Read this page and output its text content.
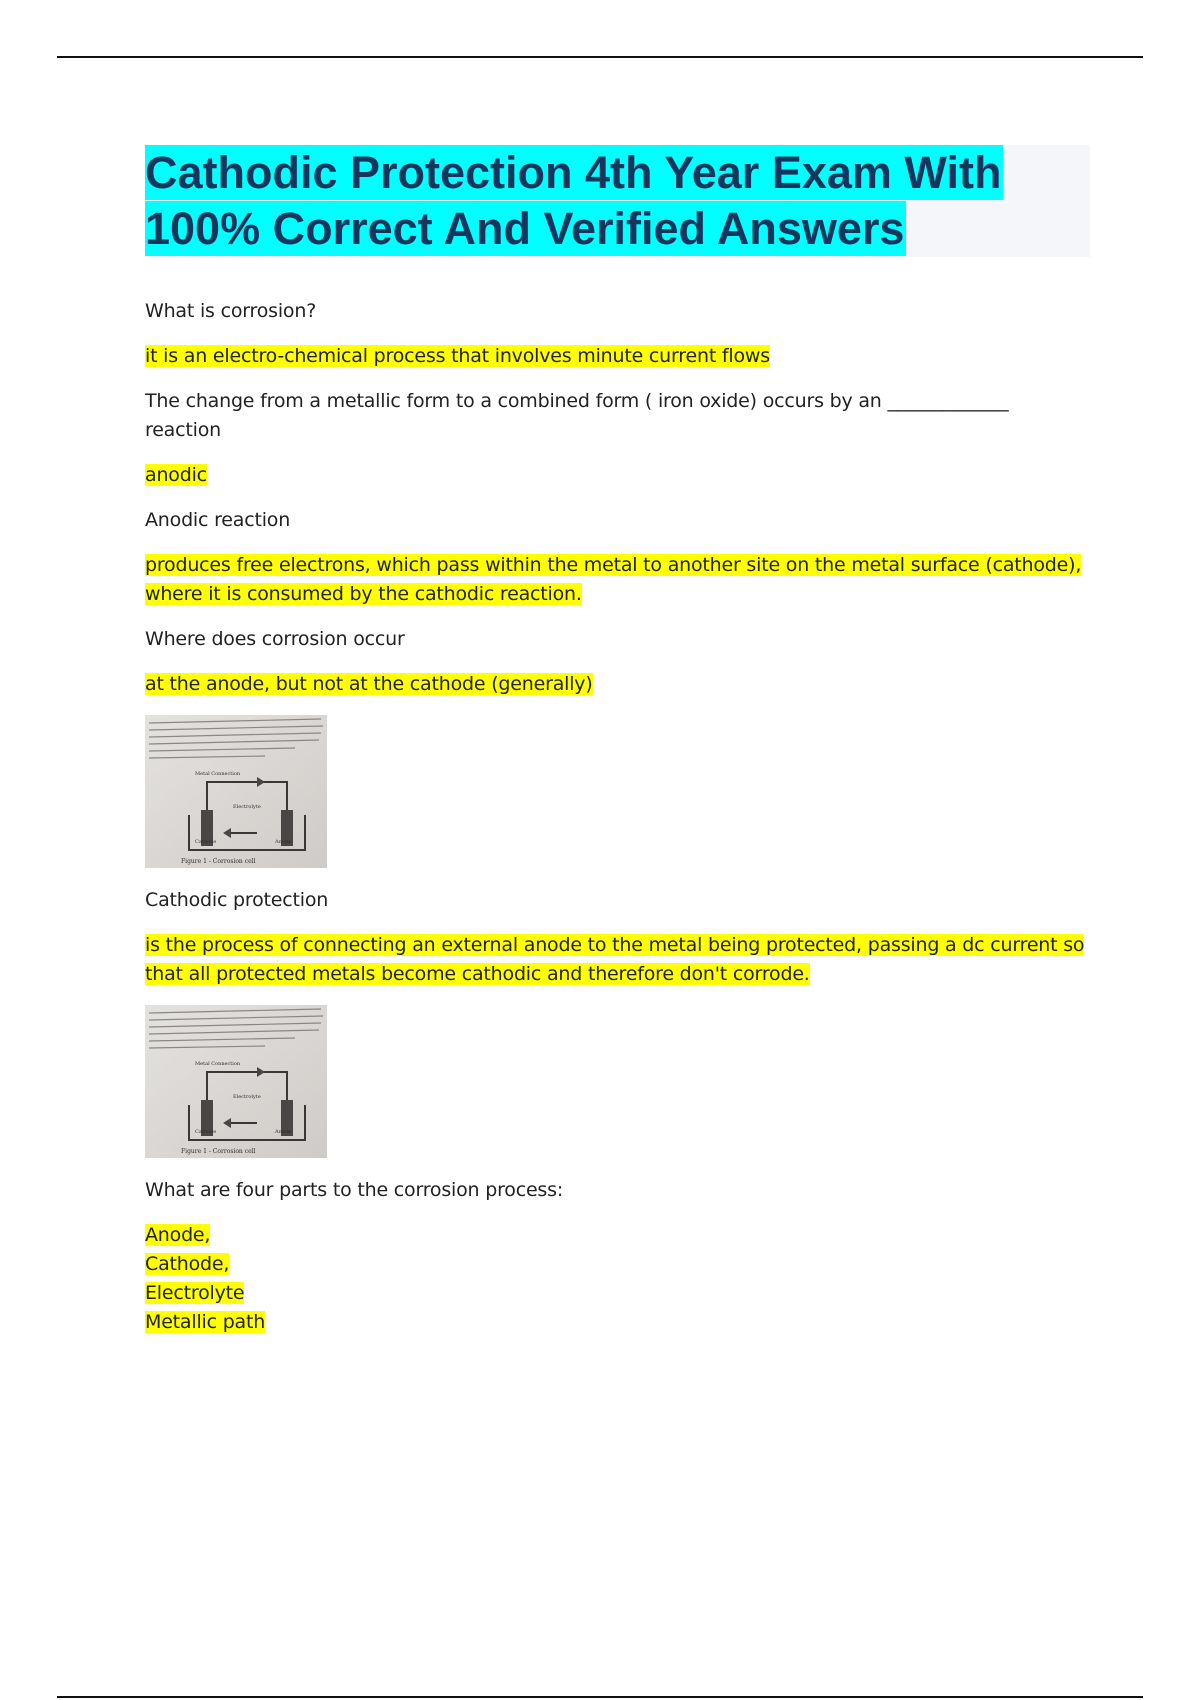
Cathodic Protection 4th Year Exam With 100% Correct And Verified Answers

What is corrosion?

it is an electro-chemical process that involves minute current flows

The change from a metallic form to a combined form ( iron oxide) occurs by an _____________ reaction

anodic

Anodic reaction

produces free electrons, which pass within the metal to another site on the metal surface (cathode), where it is consumed by the cathodic reaction.

Where does corrosion occur

at the anode, but not at the cathode (generally)

Metal Connection
Electrolyte
Cathode	Anode
Figure 1 - Corrosion cell

Cathodic protection

is the process of connecting an external anode to the metal being protected, passing a dc current so that all protected metals become cathodic and therefore don't corrode.

Metal Connection
Electrolyte
Cathode	Anode
Figure 1 - Corrosion cell

What are four parts to the corrosion process:

Anode,

Cathode,

Electrolyte

Metallic path
